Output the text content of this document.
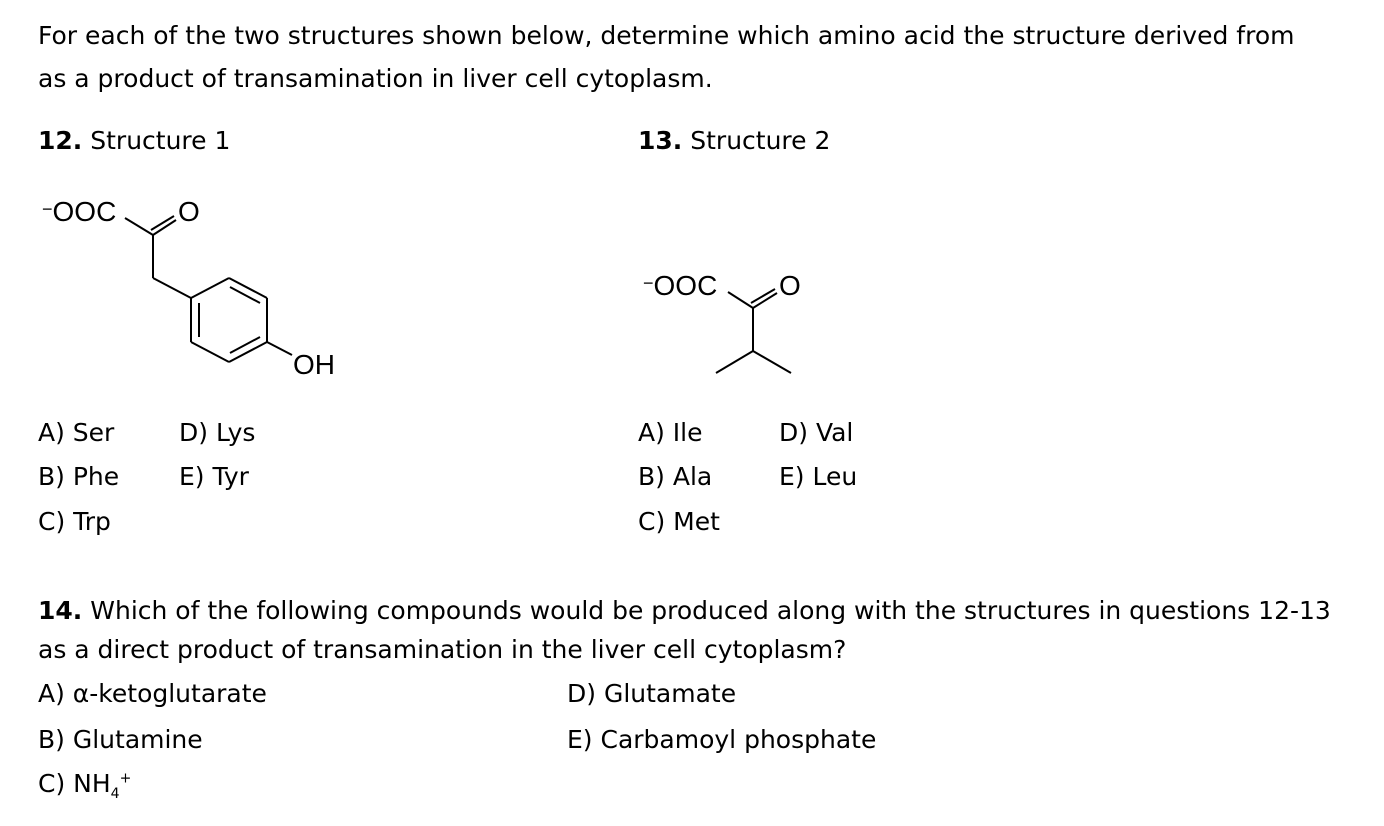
For each of the two structures shown below, determine which amino acid the structure derived from
as a product of transamination in liver cell cytoplasm.
12. Structure 1
−OOC O
OH
A) Ser
B) Phe
C) Trp
D) Lys
E) Tyr
13. Structure 2
−OOC O
A) Ile
B) Ala
C) Met
D) Val
E) Leu
14. Which of the following compounds would be produced along with the structures in questions 12-13
as a direct product of transamination in the liver cell cytoplasm?
A) α-ketoglutarate
B) Glutamine
C) $NH_4^+$
D) Glutamate
E) Carbamoyl phosphate
